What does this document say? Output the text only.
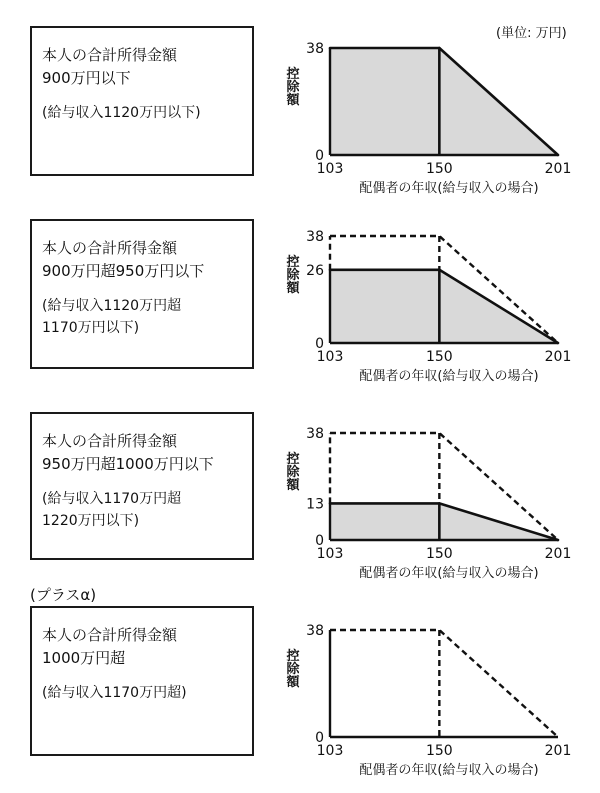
(単位: 万円)
(プラスα)
本人の合計所得金額
900万円以下
(給与収入1120万円以下)
0
38
103	150	201
控除額
配偶者の年収(給与収入の場合)
本人の合計所得金額
900万円超950万円以下
(給与収入1120万円超
1170万円以下)
0
26
38
103	150	201
控除額
配偶者の年収(給与収入の場合)
本人の合計所得金額
950万円超1000万円以下
(給与収入1170万円超
1220万円以下)
0
13
38
103	150	201
控除額
配偶者の年収(給与収入の場合)
本人の合計所得金額
1000万円超
(給与収入1170万円超)
0
38
103	150	201
控除額
配偶者の年収(給与収入の場合)
